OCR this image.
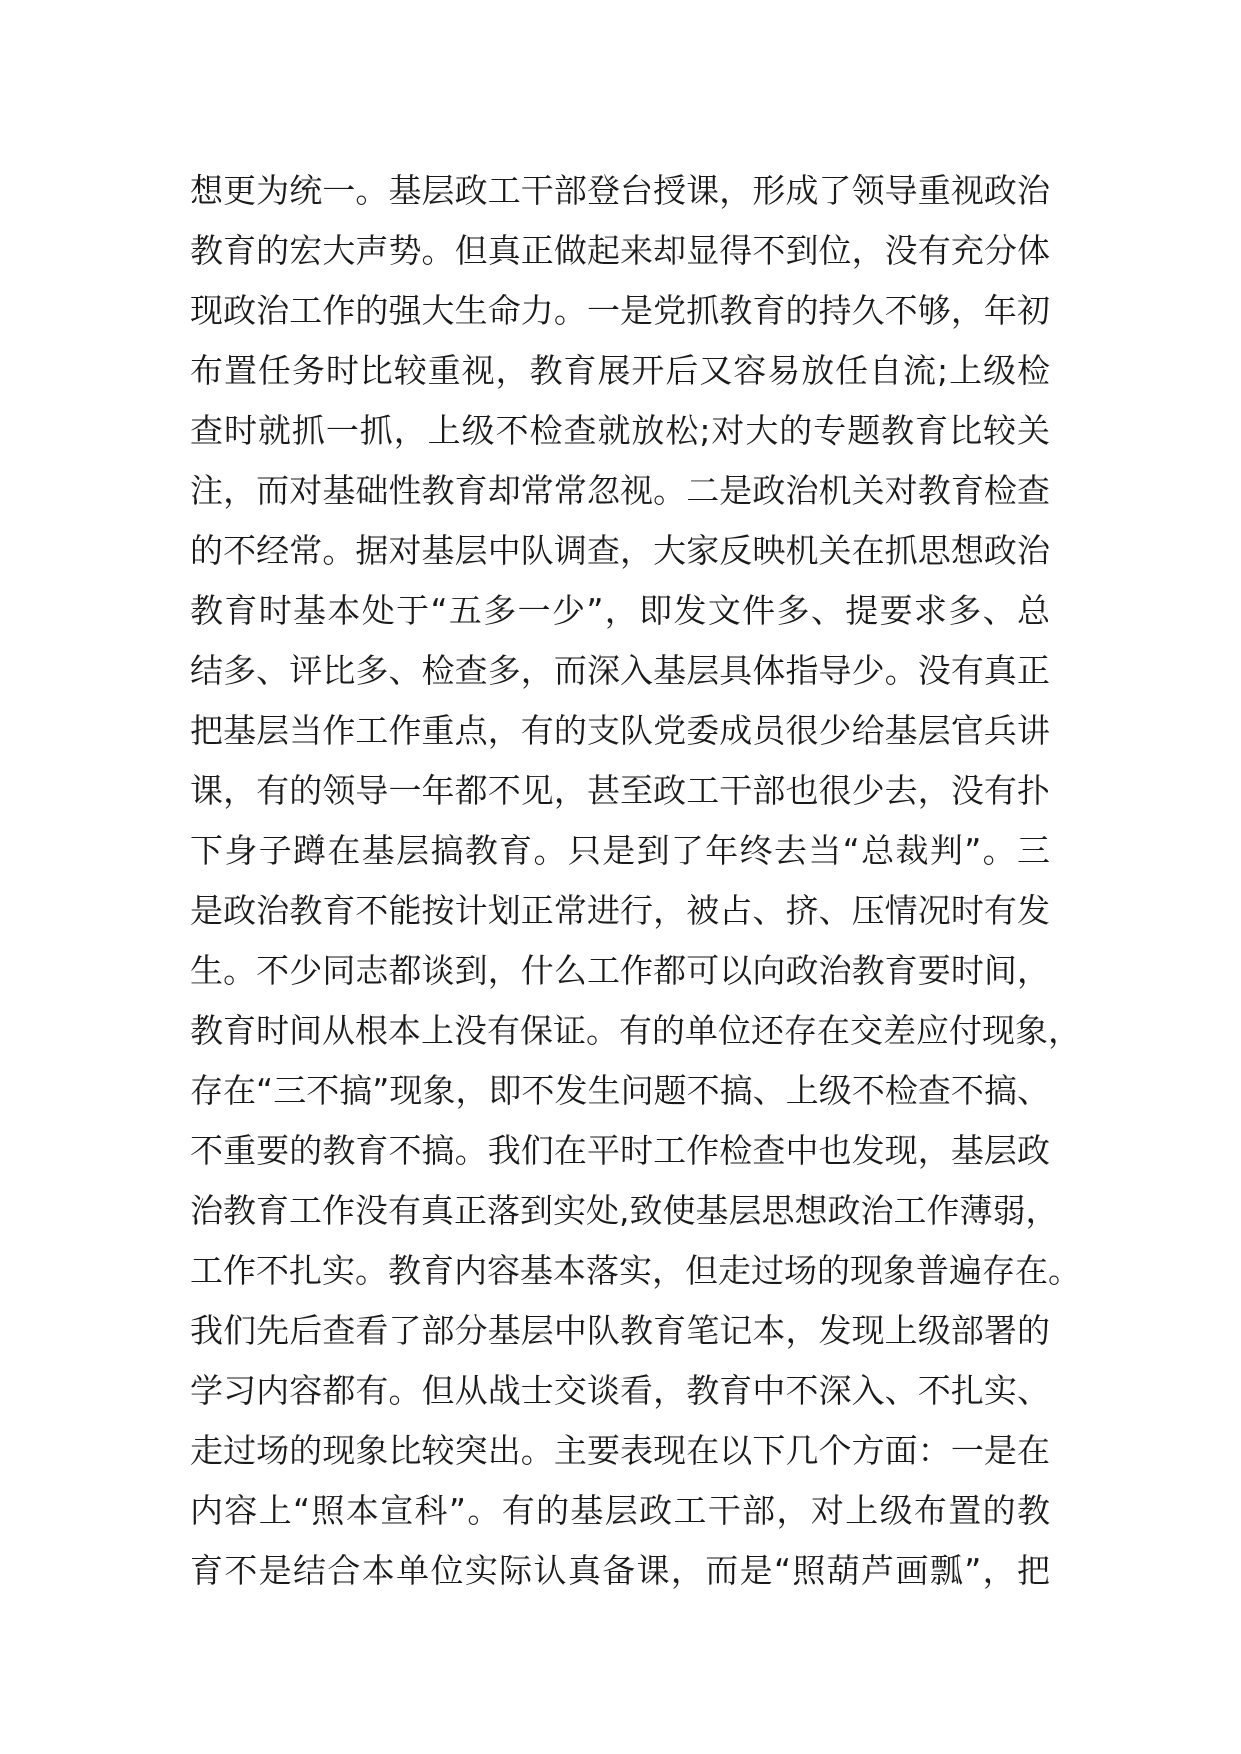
想更为统一。基层政工干部登台授课，形成了领导重视政治
教育的宏大声势。但真正做起来却显得不到位，没有充分体
现政治工作的强大生命力。一是党抓教育的持久不够，年初
布置任务时比较重视，教育展开后又容易放任自流;上级检
查时就抓一抓，上级不检查就放松;对大的专题教育比较关
注，而对基础性教育却常常忽视。二是政治机关对教育检查
的不经常。据对基层中队调查，大家反映机关在抓思想政治
教育时基本处于“五多一少”，即发文件多、提要求多、总
结多、评比多、检查多，而深入基层具体指导少。没有真正
把基层当作工作重点，有的支队党委成员很少给基层官兵讲
课，有的领导一年都不见，甚至政工干部也很少去，没有扑
下身子蹲在基层搞教育。只是到了年终去当“总裁判”。三
是政治教育不能按计划正常进行，被占、挤、压情况时有发
生。不少同志都谈到，什么工作都可以向政治教育要时间，
教育时间从根本上没有保证。有的单位还存在交差应付现象，
存在“三不搞”现象，即不发生问题不搞、上级不检查不搞、
不重要的教育不搞。我们在平时工作检查中也发现，基层政
治教育工作没有真正落到实处,致使基层思想政治工作薄弱，
工作不扎实。教育内容基本落实，但走过场的现象普遍存在。
我们先后查看了部分基层中队教育笔记本，发现上级部署的
学习内容都有。但从战士交谈看，教育中不深入、不扎实、
走过场的现象比较突出。主要表现在以下几个方面：一是在
内容上“照本宣科”。有的基层政工干部，对上级布置的教
育不是结合本单位实际认真备课，而是“照葫芦画瓢”，把
